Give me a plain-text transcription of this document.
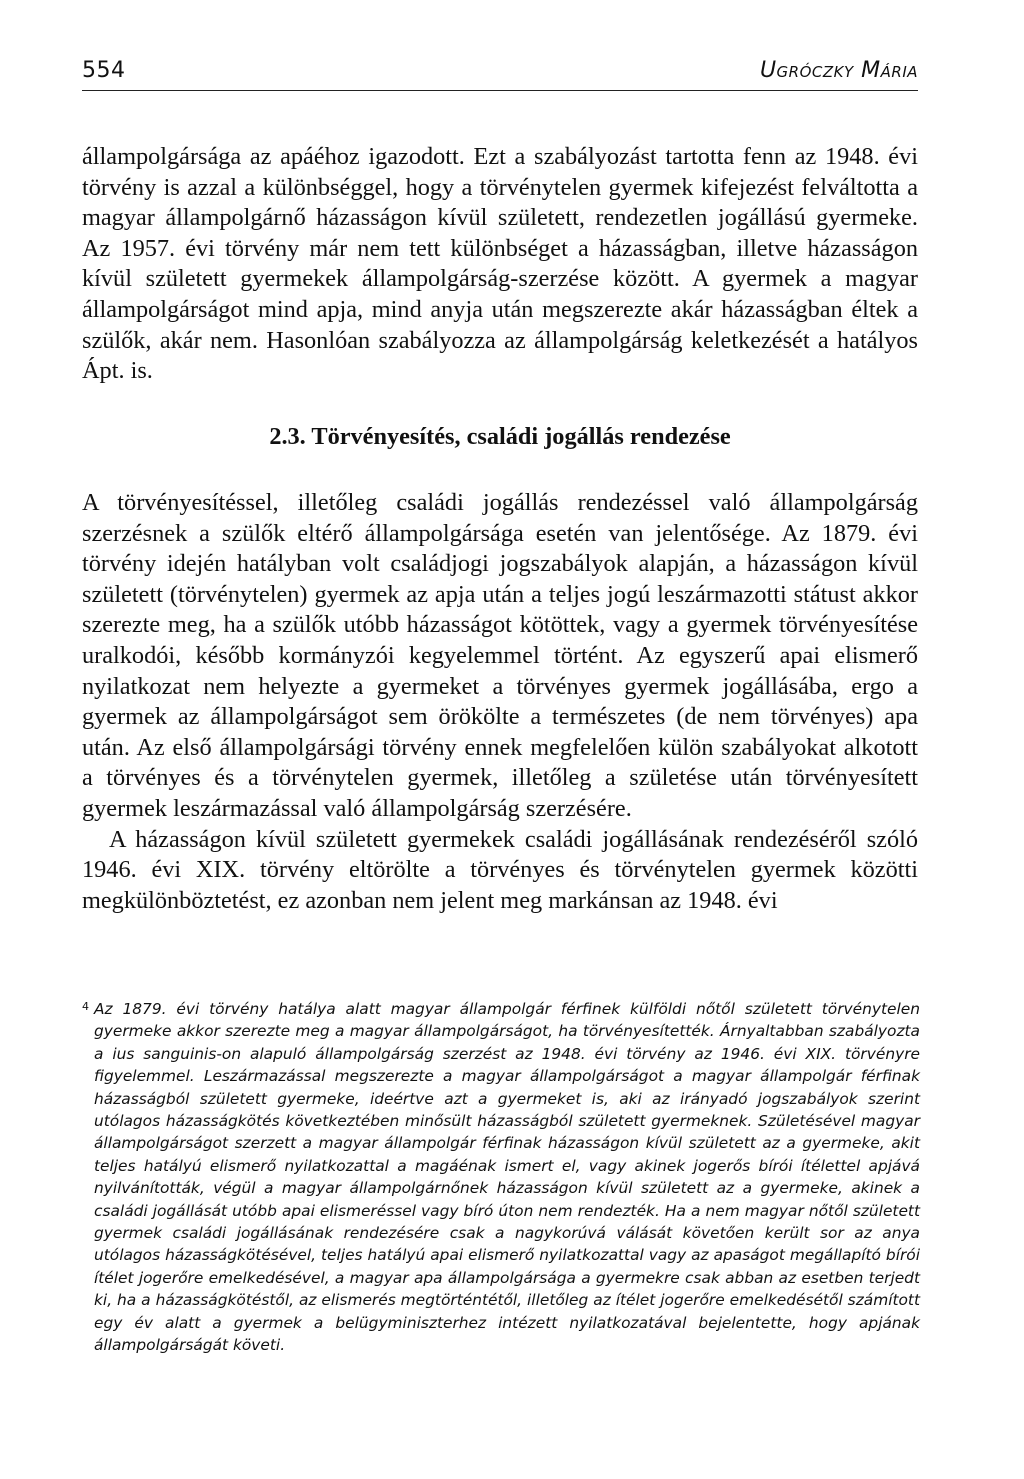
554	Ugróczky Mária

állampolgársága az apáéhoz igazodott. Ezt a szabályozást tartotta fenn az 1948. évi törvény is azzal a különbséggel, hogy a törvénytelen gyermek kifejezést felváltotta a magyar állampolgárnő házasságon kívül született, rendezetlen jogállású gyermeke. Az 1957. évi törvény már nem tett különbséget a házasságban, illetve házasságon kívül született gyermekek állampolgárság-szerzése között. A gyermek a magyar állampolgárságot mind apja, mind anyja után megszerezte akár házasságban éltek a szülők, akár nem. Hasonlóan szabályozza az állampolgárság keletkezését a hatályos Ápt. is.

2.3. Törvényesítés, családi jogállás rendezése

A törvényesítéssel, illetőleg családi jogállás rendezéssel való állampolgárság szerzésnek a szülők eltérő állampolgársága esetén van jelentősége. Az 1879. évi törvény idején hatályban volt családjogi jogszabályok alapján, a házasságon kívül született (törvénytelen) gyermek az apja után a teljes jogú leszármazotti státust akkor szerezte meg, ha a szülők utóbb házasságot kötöttek, vagy a gyermek törvényesítése uralkodói, később kormányzói kegyelemmel történt. Az egyszerű apai elismerő nyilatkozat nem helyezte a gyermeket a törvényes gyermek jogállásába, ergo a gyermek az állampolgárságot sem örökölte a természetes (de nem törvényes) apa után. Az első állampolgársági törvény ennek megfelelően külön szabályokat alkotott a törvényes és a törvénytelen gyermek, illetőleg a születése után törvényesített gyermek leszármazással való állampolgárság szerzésére.

A házasságon kívül született gyermekek családi jogállásának rendezéséről szóló 1946. évi XIX. törvény eltörölte a törvényes és törvénytelen gyermek közötti megkülönböztetést, ez azonban nem jelent meg markánsan az 1948. évi

4 Az 1879. évi törvény hatálya alatt magyar állampolgár férfinek külföldi nőtől született törvénytelen gyermeke akkor szerezte meg a magyar állampolgárságot, ha törvényesítették. Árnyaltabban szabályozta a ius sanguinis-on alapuló állampolgárság szerzést az 1948. évi törvény az 1946. évi XIX. törvényre figyelemmel. Leszármazással megszerezte a magyar állampolgárságot a magyar állampolgár férfinak házasságból született gyermeke, ideértve azt a gyermeket is, aki az irányadó jogszabályok szerint utólagos házasságkötés következtében minősült házasságból született gyermeknek. Születésével magyar állampolgárságot szerzett a magyar állampolgár férfinak házasságon kívül született az a gyermeke, akit teljes hatályú elismerő nyilatkozattal a magáénak ismert el, vagy akinek jogerős bírói ítélettel apjává nyilvánították, végül a magyar állampolgárnőnek házasságon kívül született az a gyermeke, akinek a családi jogállását utóbb apai elismeréssel vagy bíró úton nem rendezték. Ha a nem magyar nőtől született gyermek családi jogállásának rendezésére csak a nagykorúvá válását követően került sor az anya utólagos házasságkötésével, teljes hatályú apai elismerő nyilatkozattal vagy az apaságot megállapító bírói ítélet jogerőre emelkedésével, a magyar apa állampolgársága a gyermekre csak abban az esetben terjedt ki, ha a házasságkötéstől, az elismerés megtörténtétől, illetőleg az ítélet jogerőre emelkedésétől számított egy év alatt a gyermek a belügyminiszterhez intézett nyilatkozatával bejelentette, hogy apjának állampolgárságát követi.
